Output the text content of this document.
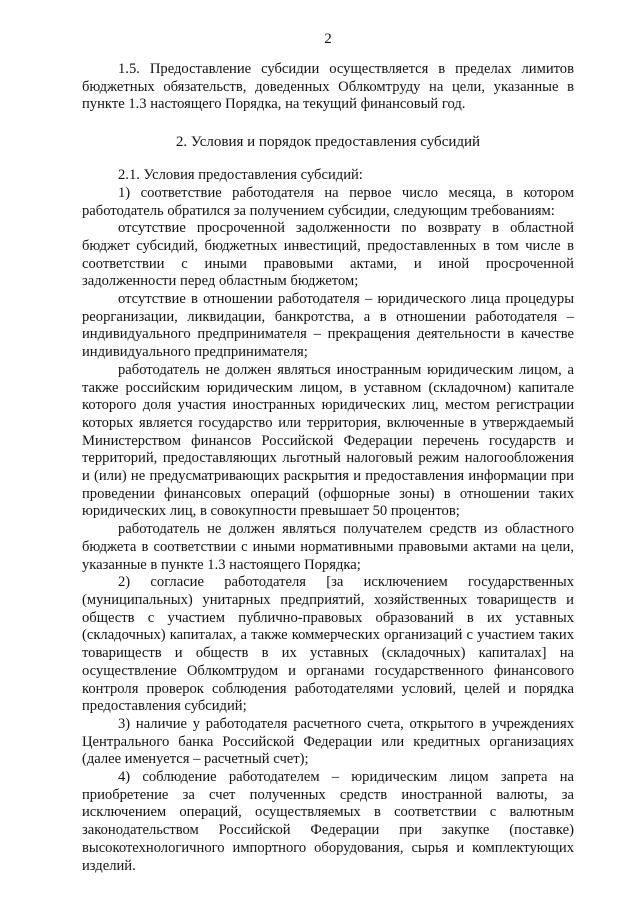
2

1.5. Предоставление субсидии осуществляется в пределах лимитов бюджетных обязательств, доведенных Облкомтруду на цели, указанные в пункте 1.3 настоящего Порядка, на текущий финансовый год.

2. Условия и порядок предоставления субсидий

2.1. Условия предоставления субсидий:

1) соответствие работодателя на первое число месяца, в котором работодатель обратился за получением субсидии, следующим требованиям:

отсутствие просроченной задолженности по возврату в областной бюджет субсидий, бюджетных инвестиций, предоставленных в том числе в соответствии с иными правовыми актами, и иной просроченной задолженности перед областным бюджетом;

отсутствие в отношении работодателя – юридического лица процедуры реорганизации, ликвидации, банкротства, а в отношении работодателя – индивидуального предпринимателя – прекращения деятельности в качестве индивидуального предпринимателя;

работодатель не должен являться иностранным юридическим лицом, а также российским юридическим лицом, в уставном (складочном) капитале которого доля участия иностранных юридических лиц, местом регистрации которых является государство или территория, включенные в утверждаемый Министерством финансов Российской Федерации перечень государств и территорий, предоставляющих льготный налоговый режим налогообложения и (или) не предусматривающих раскрытия и предоставления информации при проведении финансовых операций (офшорные зоны) в отношении таких юридических лиц, в совокупности превышает 50 процентов;

работодатель не должен являться получателем средств из областного бюджета в соответствии с иными нормативными правовыми актами на цели, указанные в пункте 1.3 настоящего Порядка;

2) согласие работодателя [за исключением государственных (муниципальных) унитарных предприятий, хозяйственных товариществ и обществ с участием публично-правовых образований в их уставных (складочных) капиталах, а также коммерческих организаций с участием таких товариществ и обществ в их уставных (складочных) капиталах] на осуществление Облкомтрудом и органами государственного финансового контроля проверок соблюдения работодателями условий, целей и порядка предоставления субсидий;

3) наличие у работодателя расчетного счета, открытого в учреждениях Центрального банка Российской Федерации или кредитных организациях (далее именуется – расчетный счет);

4) соблюдение работодателем – юридическим лицом запрета на приобретение за счет полученных средств иностранной валюты, за исключением операций, осуществляемых в соответствии с валютным законодательством Российской Федерации при закупке (поставке) высокотехнологичного импортного оборудования, сырья и комплектующих изделий.
